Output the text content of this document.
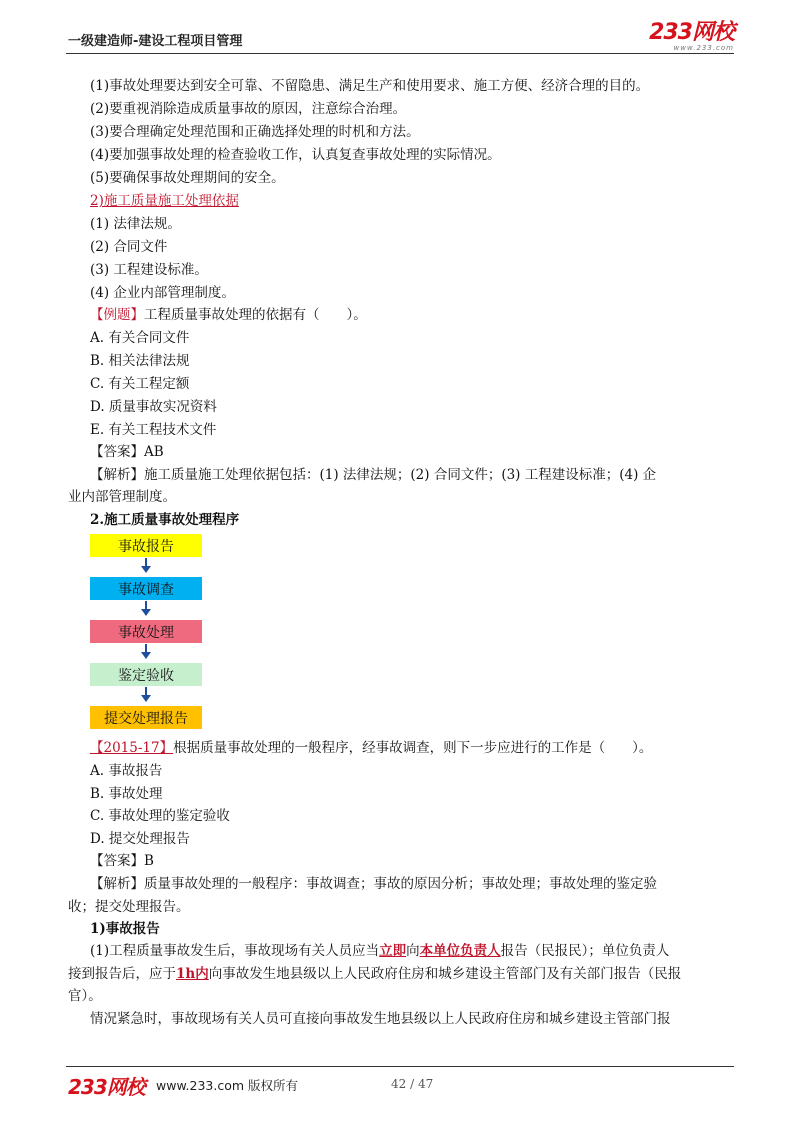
一级建造师-建设工程项目管理	233网校
www.233.com
(1)事故处理要达到安全可靠、不留隐患、满足生产和使用要求、施工方便、经济合理的目的。
(2)要重视消除造成质量事故的原因，注意综合治理。
(3)要合理确定处理范围和正确选择处理的时机和方法。
(4)要加强事故处理的检查验收工作，认真复查事故处理的实际情况。
(5)要确保事故处理期间的安全。
2)施工质量施工处理依据
(1) 法律法规。
(2) 合同文件
(3) 工程建设标准。
(4) 企业内部管理制度。
【例题】工程质量事故处理的依据有（　　）。
A. 有关合同文件
B. 相关法律法规
C. 有关工程定额
D. 质量事故实况资料
E. 有关工程技术文件
【答案】AB
【解析】施工质量施工处理依据包括：(1) 法律法规；(2) 合同文件；(3) 工程建设标准；(4) 企
业内部管理制度。
2.施工质量事故处理程序
事故报告
事故调查
事故处理
鉴定验收
提交处理报告
【2015-17】根据质量事故处理的一般程序，经事故调查，则下一步应进行的工作是（　　）。
A. 事故报告
B. 事故处理
C. 事故处理的鉴定验收
D. 提交处理报告
【答案】B
【解析】质量事故处理的一般程序：事故调查；事故的原因分析；事故处理；事故处理的鉴定验
收；提交处理报告。
1)事故报告
(1)工程质量事故发生后，事故现场有关人员应当立即向本单位负责人报告（民报民）；单位负责人
接到报告后，应于1h内向事故发生地县级以上人民政府住房和城乡建设主管部门及有关部门报告（民报
官）。
情况紧急时，事故现场有关人员可直接向事故发生地县级以上人民政府住房和城乡建设主管部门报
233网校 www.233.com 版权所有	42 / 47
